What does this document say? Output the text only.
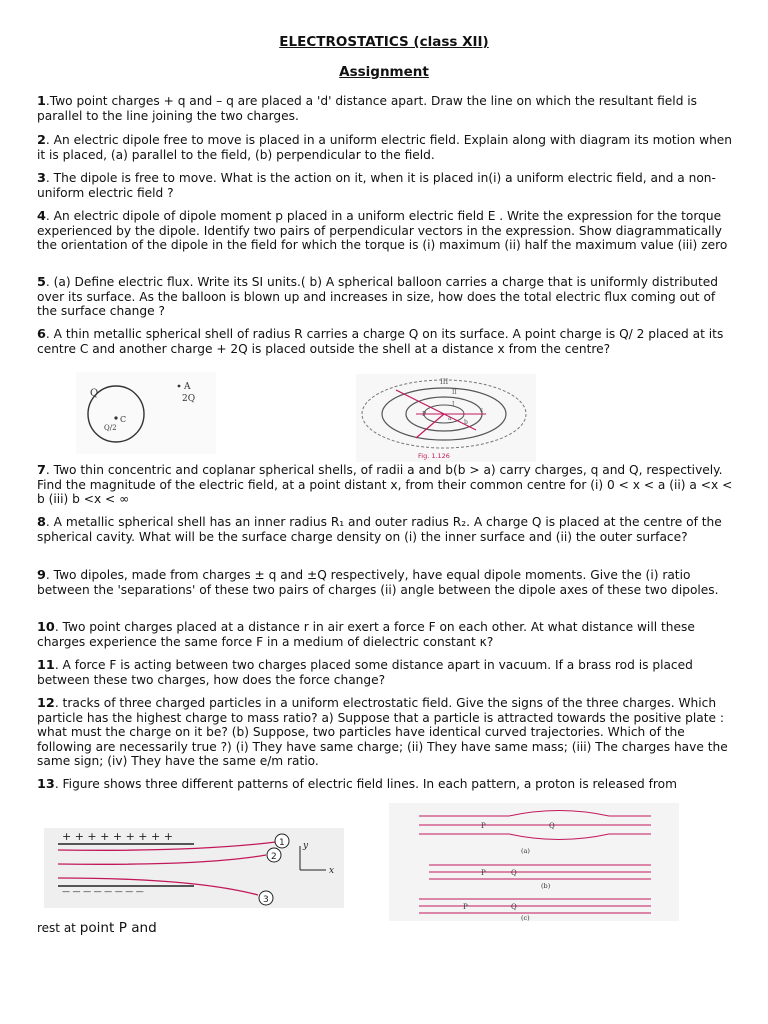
ELECTROSTATICS (class XII)
Assignment
1.Two point charges + q and – q are placed a 'd' distance apart. Draw the line on which the resultant field is parallel to the line joining the two charges.
2. An electric dipole free to move is placed in a uniform electric field. Explain along with diagram its motion when it is placed, (a) parallel to the field, (b) perpendicular to the field.
3. The dipole is free to move. What is the action on it, when it is placed in(i) a uniform electric field, and a non-uniform electric field ?
4. An electric dipole of dipole moment p placed in a uniform electric field E . Write the expression for the torque experienced by the dipole. Identify two pairs of perpendicular vectors in the expression. Show diagrammatically the orientation of the dipole in the field for which the torque is (i) maximum (ii) half the maximum value (iii) zero
5. (a) Define electric flux. Write its SI units.( b) A spherical balloon carries a charge that is uniformly distributed over its surface. As the balloon is blown up and increases in size, how does the total electric flux coming out of the surface change ?
6. A thin metallic spherical shell of radius R carries a charge Q on its surface. A point charge is Q/ 2 placed at its centre C and another charge + 2Q is placed outside the shell at a distance x from the centre?
Q
C
Q/2
A
2Q
III
II
I
P
a
b
c
Fig. 1.126
7. Two thin concentric and coplanar spherical shells, of radii a and b(b > a) carry charges, q and Q, respectively. Find the magnitude of the electric field, at a point distant x, from their common centre for (i) 0 < x < a (ii) a <x < b (iii) b <x < ∞
8. A metallic spherical shell has an inner radius R₁ and outer radius R₂. A charge Q is placed at the centre of the spherical cavity. What will be the surface charge density on (i) the inner surface and (ii) the outer surface?
9. Two dipoles, made from charges ± q and ±Q respectively, have equal dipole moments. Give the (i) ratio between the 'separations' of these two pairs of charges (ii) angle between the dipole axes of these two dipoles.
10. Two point charges placed at a distance r in air exert a force F on each other. At what distance will these charges experience the same force F in a medium of dielectric constant κ?
11. A force F is acting between two charges placed some distance apart in vacuum. If a brass rod is placed between these two charges, how does the force change?
12. tracks of three charged particles in a uniform electrostatic field. Give the signs of the three charges. Which particle has the highest charge to mass ratio? a) Suppose that a particle is attracted towards the positive plate : what must the charge on it be? (b) Suppose, two particles have identical curved trajectories. Which of the following are necessarily true ?) (i) They have same charge; (ii) They have same mass; (iii) The charges have the same sign; (iv) They have the same e/m ratio.
13. Figure shows three different patterns of electric field lines. In each pattern, a proton is released from
+ + + + + + + + +
— — — — — — — —
1
2
3
y
x
P	Q
(a)
P	Q
(b)
P	Q
(c)
rest at point P and
